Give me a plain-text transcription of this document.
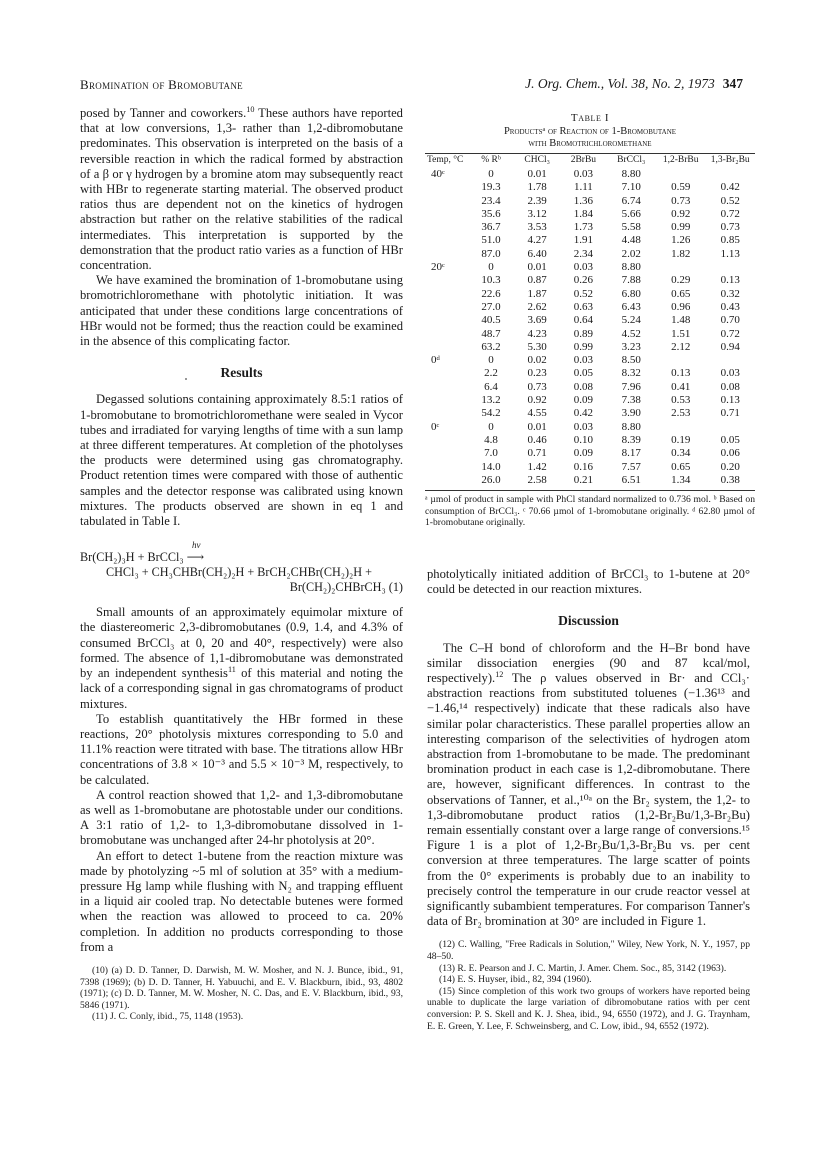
Bromination of Bromobutane	J. Org. Chem., Vol. 38, No. 2, 1973 347

posed by Tanner and coworkers.$^{10}$ These authors have reported that at low conversions, 1,3- rather than 1,2-dibromobutane predominates. This observation is interpreted on the basis of a reversible reaction in which the radical formed by abstraction of a β or γ hydrogen by a bromine atom may subsequently react with HBr to regenerate starting material. The observed product ratios thus are dependent not on the kinetics of hydrogen abstraction but rather on the relative stabilities of the radical intermediates. This interpretation is supported by the demonstration that the product ratio varies as a function of HBr concentration.

We have examined the bromination of 1-bromobutane using bromotrichloromethane with photolytic initiation. It was anticipated that under these conditions large concentrations of HBr would not be formed; thus the reaction could be examined in the absence of this complicating factor.

Results

Degassed solutions containing approximately 8.5:1 ratios of 1-bromobutane to bromotrichloromethane were sealed in Vycor tubes and irradiated for varying lengths of time with a sun lamp at three different temperatures. At completion of the photolyses the products were determined using gas chromatography. Product retention times were compared with those of authentic samples and the detector response was calibrated using known mixtures. The products observed are shown in eq 1 and tabulated in Table I.

hν
Br(CH₂)₃H + BrCCl₃ ⟶
CHCl₃ + CH₃CHBr(CH₂)₂H + BrCH₂CHBr(CH₂)₂H +
Br(CH₂)₂CHBrCH₃ (1)

Small amounts of an approximately equimolar mixture of the diastereomeric 2,3-dibromobutanes (0.9, 1.4, and 4.3% of consumed BrCCl₃ at 0, 20 and 40°, respectively) were also formed. The absence of 1,1-dibromobutane was demonstrated by an independent synthesis$^{11}$ of this material and noting the lack of a corresponding signal in gas chromatograms of product mixtures.

To establish quantitatively the HBr formed in these reactions, 20° photolysis mixtures corresponding to 5.0 and 11.1% reaction were titrated with base. The titrations allow HBr concentrations of 3.8 × 10⁻³ and 5.5 × 10⁻³ M, respectively, to be calculated.

A control reaction showed that 1,2- and 1,3-dibromobutane as well as 1-bromobutane are photostable under our conditions. A 3:1 ratio of 1,2- to 1,3-dibromobutane dissolved in 1-bromobutane was unchanged after 24-hr photolysis at 20°.

An effort to detect 1-butene from the reaction mixture was made by photolyzing ~5 ml of solution at 35° with a medium-pressure Hg lamp while flushing with N₂ and trapping effluent in a liquid air cooled trap. No detectable butenes were formed when the reaction was allowed to proceed to ca. 20% completion. In addition no products corresponding to those from a

(10) (a) D. D. Tanner, D. Darwish, M. W. Mosher, and N. J. Bunce, ibid., 91, 7398 (1969); (b) D. D. Tanner, H. Yabuuchi, and E. V. Blackburn, ibid., 93, 4802 (1971); (c) D. D. Tanner, M. W. Mosher, N. C. Das, and E. V. Blackburn, ibid., 93, 5846 (1971).

(11) J. C. Conly, ibid., 75, 1148 (1953).

Table I
Productsᵃ of Reaction of 1-Bromobutane
with Bromotrichloromethane
Temp, °C	% Rᵇ	CHCl₃	2BrBu	BrCCl₃	1,2-BrBu	1,3-Br₂Bu
40ᶜ	0	0.01	0.03	8.80		
	19.3	1.78	1.11	7.10	0.59	0.42
	23.4	2.39	1.36	6.74	0.73	0.52
	35.6	3.12	1.84	5.66	0.92	0.72
	36.7	3.53	1.73	5.58	0.99	0.73
	51.0	4.27	1.91	4.48	1.26	0.85
	87.0	6.40	2.34	2.02	1.82	1.13
20ᶜ	0	0.01	0.03	8.80		
	10.3	0.87	0.26	7.88	0.29	0.13
	22.6	1.87	0.52	6.80	0.65	0.32
	27.0	2.62	0.63	6.43	0.96	0.43
	40.5	3.69	0.64	5.24	1.48	0.70
	48.7	4.23	0.89	4.52	1.51	0.72
	63.2	5.30	0.99	3.23	2.12	0.94
0ᵈ	0	0.02	0.03	8.50		
	2.2	0.23	0.05	8.32	0.13	0.03
	6.4	0.73	0.08	7.96	0.41	0.08
	13.2	0.92	0.09	7.38	0.53	0.13
	54.2	4.55	0.42	3.90	2.53	0.71
0ᶜ	0	0.01	0.03	8.80		
	4.8	0.46	0.10	8.39	0.19	0.05
	7.0	0.71	0.09	8.17	0.34	0.06
	14.0	1.42	0.16	7.57	0.65	0.20
	26.0	2.58	0.21	6.51	1.34	0.38
ᵃ µmol of product in sample with PhCl standard normalized to 0.736 mol. ᵇ Based on consumption of BrCCl₃. ᶜ 70.66 µmol of 1-bromobutane originally. ᵈ 62.80 µmol of 1-bromobutane originally.

photolytically initiated addition of BrCCl₃ to 1-butene at 20° could be detected in our reaction mixtures.

Discussion

The C–H bond of chloroform and the H–Br bond have similar dissociation energies (90 and 87 kcal/mol, respectively).$^{12}$ The ρ values observed in Br· and CCl₃· abstraction reactions from substituted toluenes (−1.36¹³ and −1.46,¹⁴ respectively) indicate that these radicals also have similar polar characteristics. These parallel properties allow an interesting comparison of the selectivities of hydrogen atom abstraction from 1-bromobutane to be made. The predominant bromination product in each case is 1,2-dibromobutane. There are, however, significant differences. In contrast to the observations of Tanner, et al.,¹⁰ᵃ on the Br₂ system, the 1,2- to 1,3-dibromobutane product ratios (1,2-Br₂Bu/1,3-Br₂Bu) remain essentially constant over a large range of conversions.¹⁵ Figure 1 is a plot of 1,2-Br₂Bu/1,3-Br₂Bu vs. per cent conversion at three temperatures. The large scatter of points from the 0° experiments is probably due to an inability to precisely control the temperature in our crude reactor vessel at significantly subambient temperatures. For comparison Tanner's data of Br₂ bromination at 30° are included in Figure 1.

(12) C. Walling, "Free Radicals in Solution," Wiley, New York, N. Y., 1957, pp 48–50.

(13) R. E. Pearson and J. C. Martin, J. Amer. Chem. Soc., 85, 3142 (1963).

(14) E. S. Huyser, ibid., 82, 394 (1960).

(15) Since completion of this work two groups of workers have reported being unable to duplicate the large variation of dibromobutane ratios with per cent conversion: P. S. Skell and K. J. Shea, ibid., 94, 6550 (1972), and J. G. Traynham, E. E. Green, Y. Lee, F. Schweinsberg, and C. Low, ibid., 94, 6552 (1972).
